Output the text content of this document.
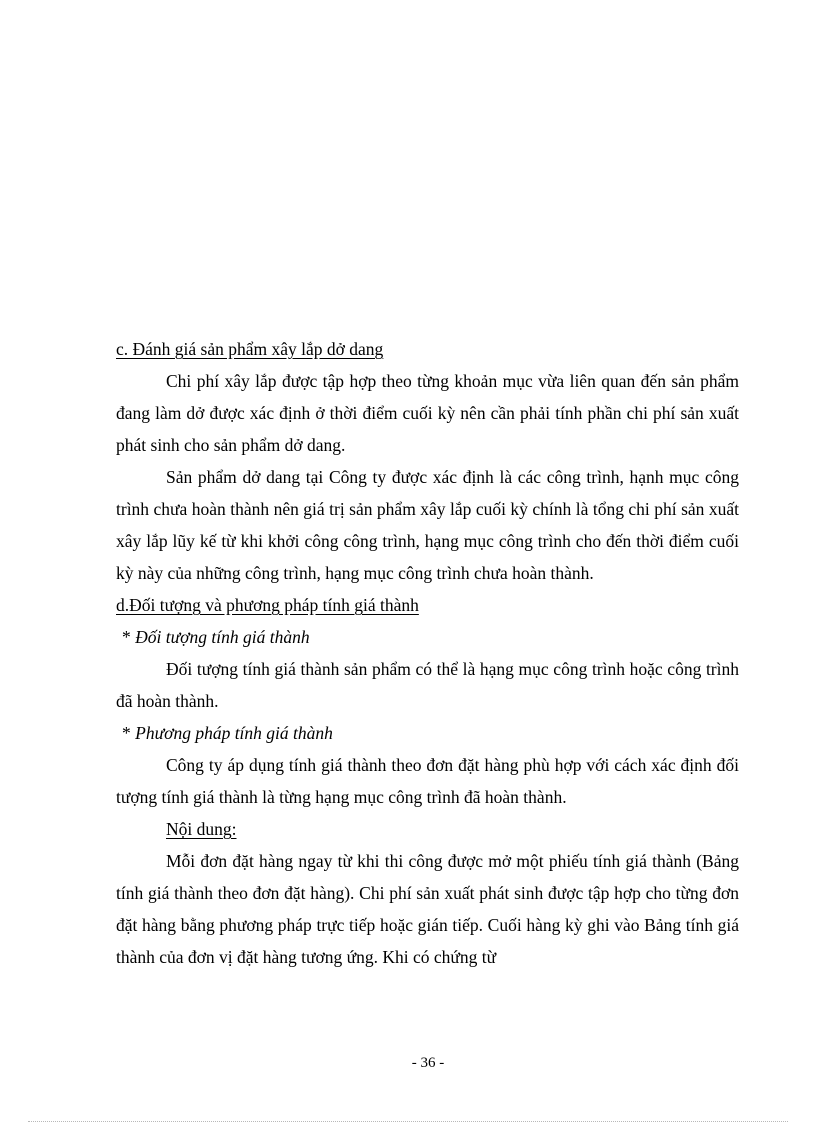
c. Đánh giá sản phẩm xây lắp dở dang

Chi phí xây lắp được tập hợp theo từng khoản mục vừa liên quan đến sản phẩm đang làm dở được xác định ở thời điểm cuối kỳ nên cần phải tính phần chi phí sản xuất phát sinh cho sản phẩm dở dang.

Sản phẩm dở dang tại Công ty được xác định là các công trình, hạnh mục công trình chưa hoàn thành nên giá trị sản phẩm xây lắp cuối kỳ chính là tổng chi phí sản xuất xây lắp lũy kế từ khi khởi công công trình, hạng mục công trình cho đến thời điểm cuối kỳ này của những công trình, hạng mục công trình chưa hoàn thành.

d.Đối tượng và phương pháp tính giá thành

* Đối tượng tính giá thành

Đối tượng tính giá thành sản phẩm có thể là hạng mục công trình hoặc công trình đã hoàn thành.

* Phương pháp tính giá thành

Công ty áp dụng tính giá thành theo đơn đặt hàng phù hợp với cách xác định đối tượng tính giá thành là từng hạng mục công trình đã hoàn thành.

Nội dung:

Mỗi đơn đặt hàng ngay từ khi thi công được mở một phiếu tính giá thành (Bảng tính giá thành theo đơn đặt hàng). Chi phí sản xuất phát sinh được tập hợp cho từng đơn đặt hàng bằng phương pháp trực tiếp hoặc gián tiếp. Cuối hàng kỳ ghi vào Bảng tính giá thành của đơn vị đặt hàng tương ứng. Khi có chứng từ

- 36 -
